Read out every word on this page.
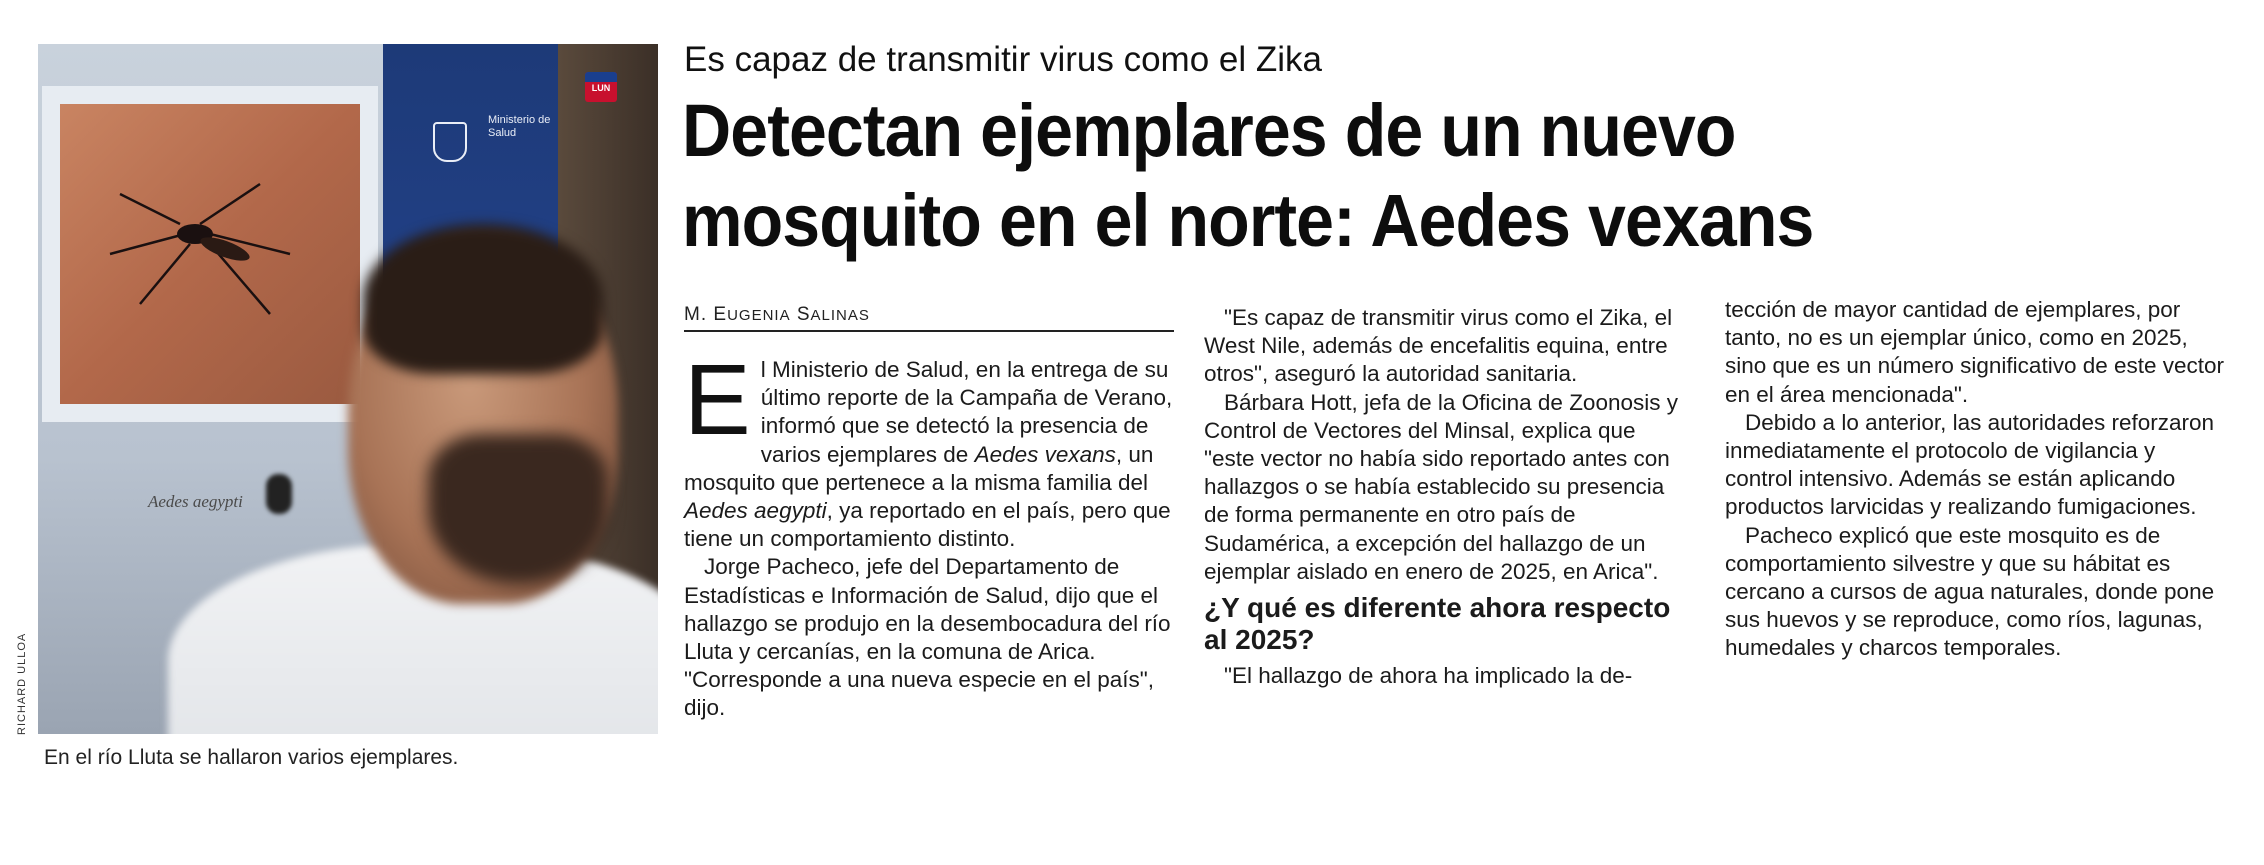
Ministerio de Salud
Aedes aegypti
LUN
RICHARD ULLOA
En el río Lluta se hallaron varios ejemplares.
Es capaz de transmitir virus como el Zika
Detectan ejemplares de un nuevo
mosquito en el norte: Aedes vexans
M. EUGENIA SALINAS

El Ministerio de Salud, en la entrega de su último reporte de la Campaña de Verano, informó que se detectó la presencia de varios ejemplares de Aedes vexans, un mosquito que pertenece a la misma familia del Aedes aegypti, ya reportado en el país, pero que tiene un comportamiento distinto.

Jorge Pacheco, jefe del Departamento de Estadísticas e Información de Salud, dijo que el hallazgo se produjo en la desembocadura del río Lluta y cercanías, en la comuna de Arica. "Corresponde a una nueva especie en el país", dijo.

"Es capaz de transmitir virus como el Zika, el West Nile, además de encefalitis equina, entre otros", aseguró la autoridad sanitaria.

Bárbara Hott, jefa de la Oficina de Zoonosis y Control de Vectores del Minsal, explica que "este vector no había sido reportado antes con hallazgos o se había establecido su presencia de forma permanente en otro país de Sudamérica, a excepción del hallazgo de un ejemplar aislado en enero de 2025, en Arica".

¿Y qué es diferente ahora respecto al 2025?

"El hallazgo de ahora ha implicado la de-

tección de mayor cantidad de ejemplares, por tanto, no es un ejemplar único, como en 2025, sino que es un número significativo de este vector en el área mencionada".

Debido a lo anterior, las autoridades reforzaron inmediatamente el protocolo de vigilancia y control intensivo. Además se están aplicando productos larvicidas y realizando fumigaciones.

Pacheco explicó que este mosquito es de comportamiento silvestre y que su hábitat es cercano a cursos de agua naturales, donde pone sus huevos y se reproduce, como ríos, lagunas, humedales y charcos temporales.
